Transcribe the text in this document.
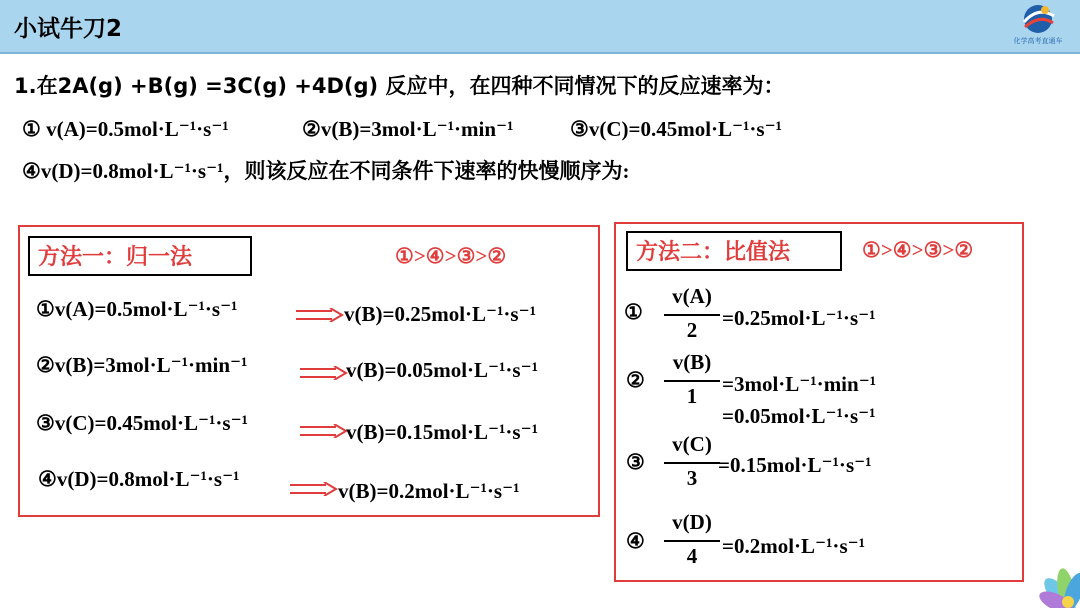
小试牛刀2	化学高考直通车
1.在2A(g) +B(g) =3C(g) +4D(g) 反应中，在四种不同情况下的反应速率为：
① v(A)=0.5mol·L⁻¹·s⁻¹	②v(B)=3mol·L⁻¹·min⁻¹	③v(C)=0.45mol·L⁻¹·s⁻¹
④v(D)=0.8mol·L⁻¹·s⁻¹，则该反应在不同条件下速率的快慢顺序为:
方法一：归一法	①>④>③>②
①v(A)=0.5mol·L⁻¹·s⁻¹	v(B)=0.25mol·L⁻¹·s⁻¹
②v(B)=3mol·L⁻¹·min⁻¹	v(B)=0.05mol·L⁻¹·s⁻¹
③v(C)=0.45mol·L⁻¹·s⁻¹	v(B)=0.15mol·L⁻¹·s⁻¹
④v(D)=0.8mol·L⁻¹·s⁻¹	v(B)=0.2mol·L⁻¹·s⁻¹
方法二：比值法	①>④>③>②
①
v(A)
2	=0.25mol·L⁻¹·s⁻¹
②
v(B)
1	=3mol·L⁻¹·min⁻¹
=0.05mol·L⁻¹·s⁻¹
③
v(C)
3
=0.15mol·L⁻¹·s⁻¹
④
v(D)
4	=0.2mol·L⁻¹·s⁻¹
